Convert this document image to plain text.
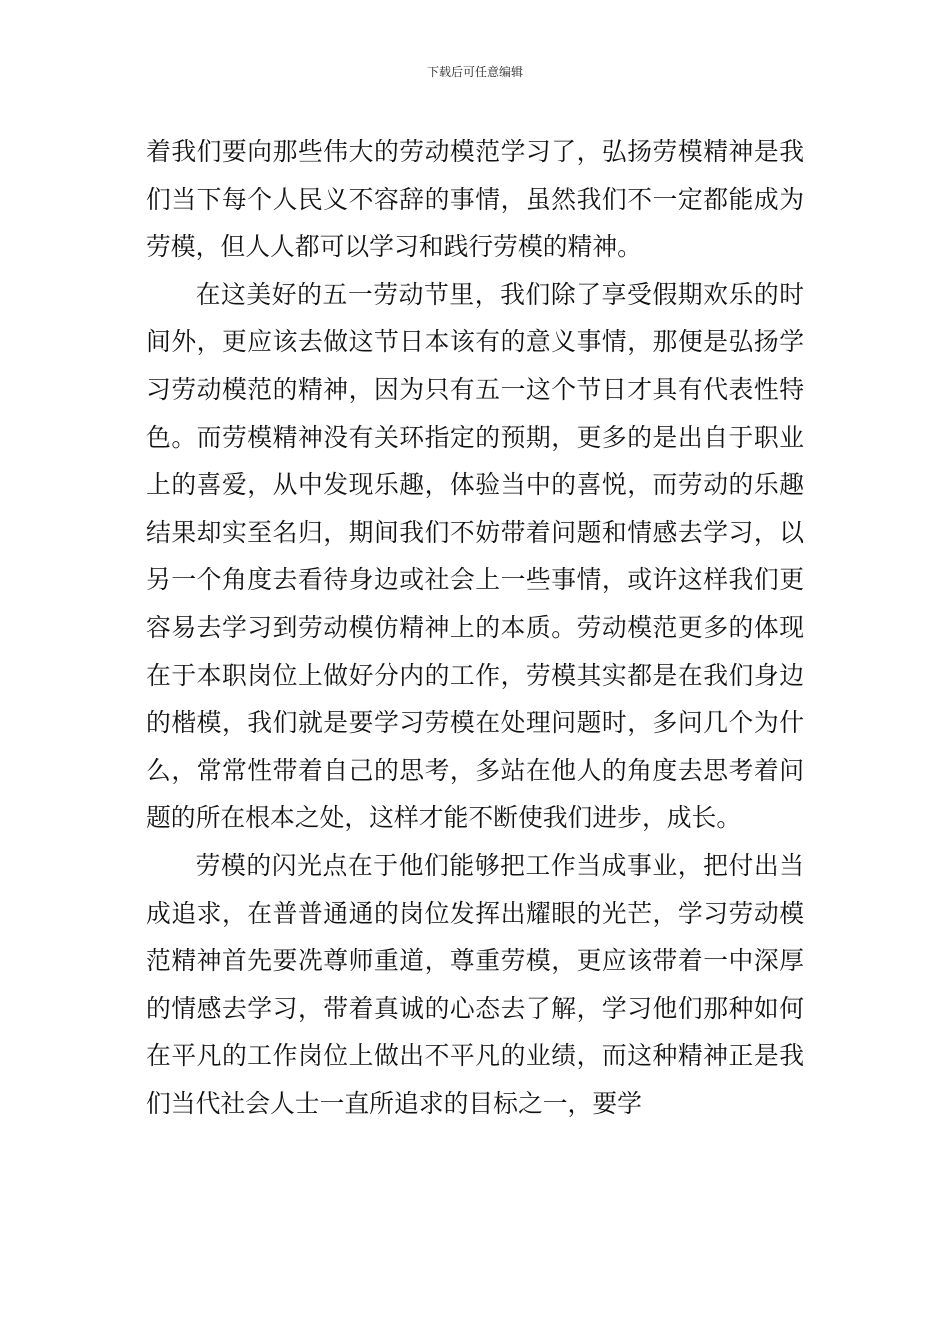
下载后可任意编辑

着我们要向那些伟大的劳动模范学习了，弘扬劳模精神是我们当下每个人民义不容辞的事情，虽然我们不一定都能成为劳模，但人人都可以学习和践行劳模的精神。

在这美好的五一劳动节里，我们除了享受假期欢乐的时间外，更应该去做这节日本该有的意义事情，那便是弘扬学习劳动模范的精神，因为只有五一这个节日才具有代表性特色。而劳模精神没有关环指定的预期，更多的是出自于职业上的喜爱，从中发现乐趣，体验当中的喜悦，而劳动的乐趣结果却实至名归，期间我们不妨带着问题和情感去学习，以另一个角度去看待身边或社会上一些事情，或许这样我们更容易去学习到劳动模仿精神上的本质。劳动模范更多的体现在于本职岗位上做好分内的工作，劳模其实都是在我们身边的楷模，我们就是要学习劳模在处理问题时，多问几个为什么，常常性带着自己的思考，多站在他人的角度去思考着问题的所在根本之处，这样才能不断使我们进步，成长。

劳模的闪光点在于他们能够把工作当成事业，把付出当成追求，在普普通通的岗位发挥出耀眼的光芒，学习劳动模范精神首先要冼尊师重道，尊重劳模，更应该带着一中深厚的情感去学习，带着真诚的心态去了解，学习他们那种如何在平凡的工作岗位上做出不平凡的业绩，而这种精神正是我们当代社会人士一直所追求的目标之一，要学
